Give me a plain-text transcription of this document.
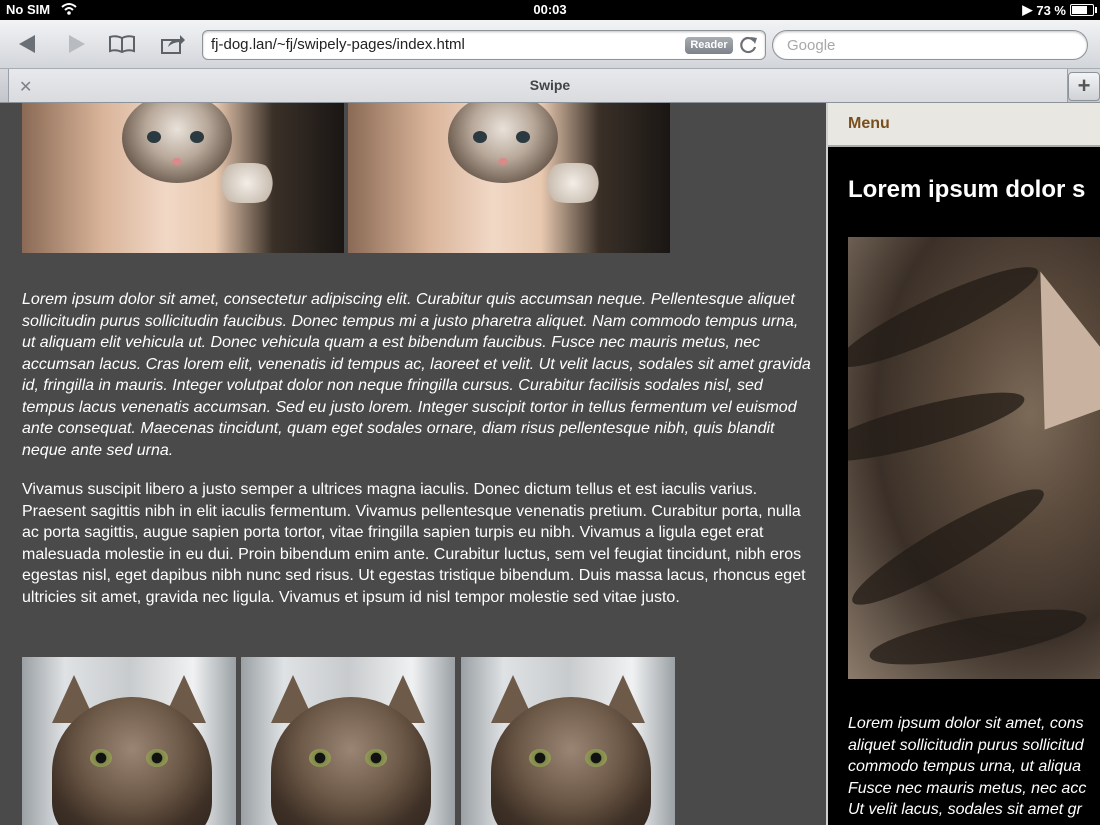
No SIM	00:03	▶ 73 %
fj-dog.lan/~fj/swipely-pages/index.html	Reader
Google
✕	Swipe	+

Lorem ipsum dolor sit amet, consectetur adipiscing elit. Curabitur quis accumsan neque. Pellentesque aliquet sollicitudin purus sollicitudin faucibus. Donec tempus mi a justo pharetra aliquet. Nam commodo tempus urna, ut aliquam elit vehicula ut. Donec vehicula quam a est bibendum faucibus. Fusce nec mauris metus, nec accumsan lacus. Cras lorem elit, venenatis id tempus ac, laoreet et velit. Ut velit lacus, sodales sit amet gravida id, fringilla in mauris. Integer volutpat dolor non neque fringilla cursus. Curabitur facilisis sodales nisl, sed tempus lacus venenatis accumsan. Sed eu justo lorem. Integer suscipit tortor in tellus fermentum vel euismod ante consequat. Maecenas tincidunt, quam eget sodales ornare, diam risus pellentesque nibh, quis blandit neque ante sed urna.

Vivamus suscipit libero a justo semper a ultrices magna iaculis. Donec dictum tellus et est iaculis varius. Praesent sagittis nibh in elit iaculis fermentum. Vivamus pellentesque venenatis pretium. Curabitur porta, nulla ac porta sagittis, augue sapien porta tortor, vitae fringilla sapien turpis eu nibh. Vivamus a ligula eget erat malesuada molestie in eu dui. Proin bibendum enim ante. Curabitur luctus, sem vel feugiat tincidunt, nibh eros egestas nisl, eget dapibus nibh nunc sed risus. Ut egestas tristique bibendum. Duis massa lacus, rhoncus eget ultricies sit amet, gravida nec ligula. Vivamus et ipsum id nisl tempor molestie sed vitae justo.

Menu
Lorem ipsum dolor s
Lorem ipsum dolor sit amet, cons
aliquet sollicitudin purus sollicitud
commodo tempus urna, ut aliqua
Fusce nec mauris metus, nec acc
Ut velit lacus, sodales sit amet gr
